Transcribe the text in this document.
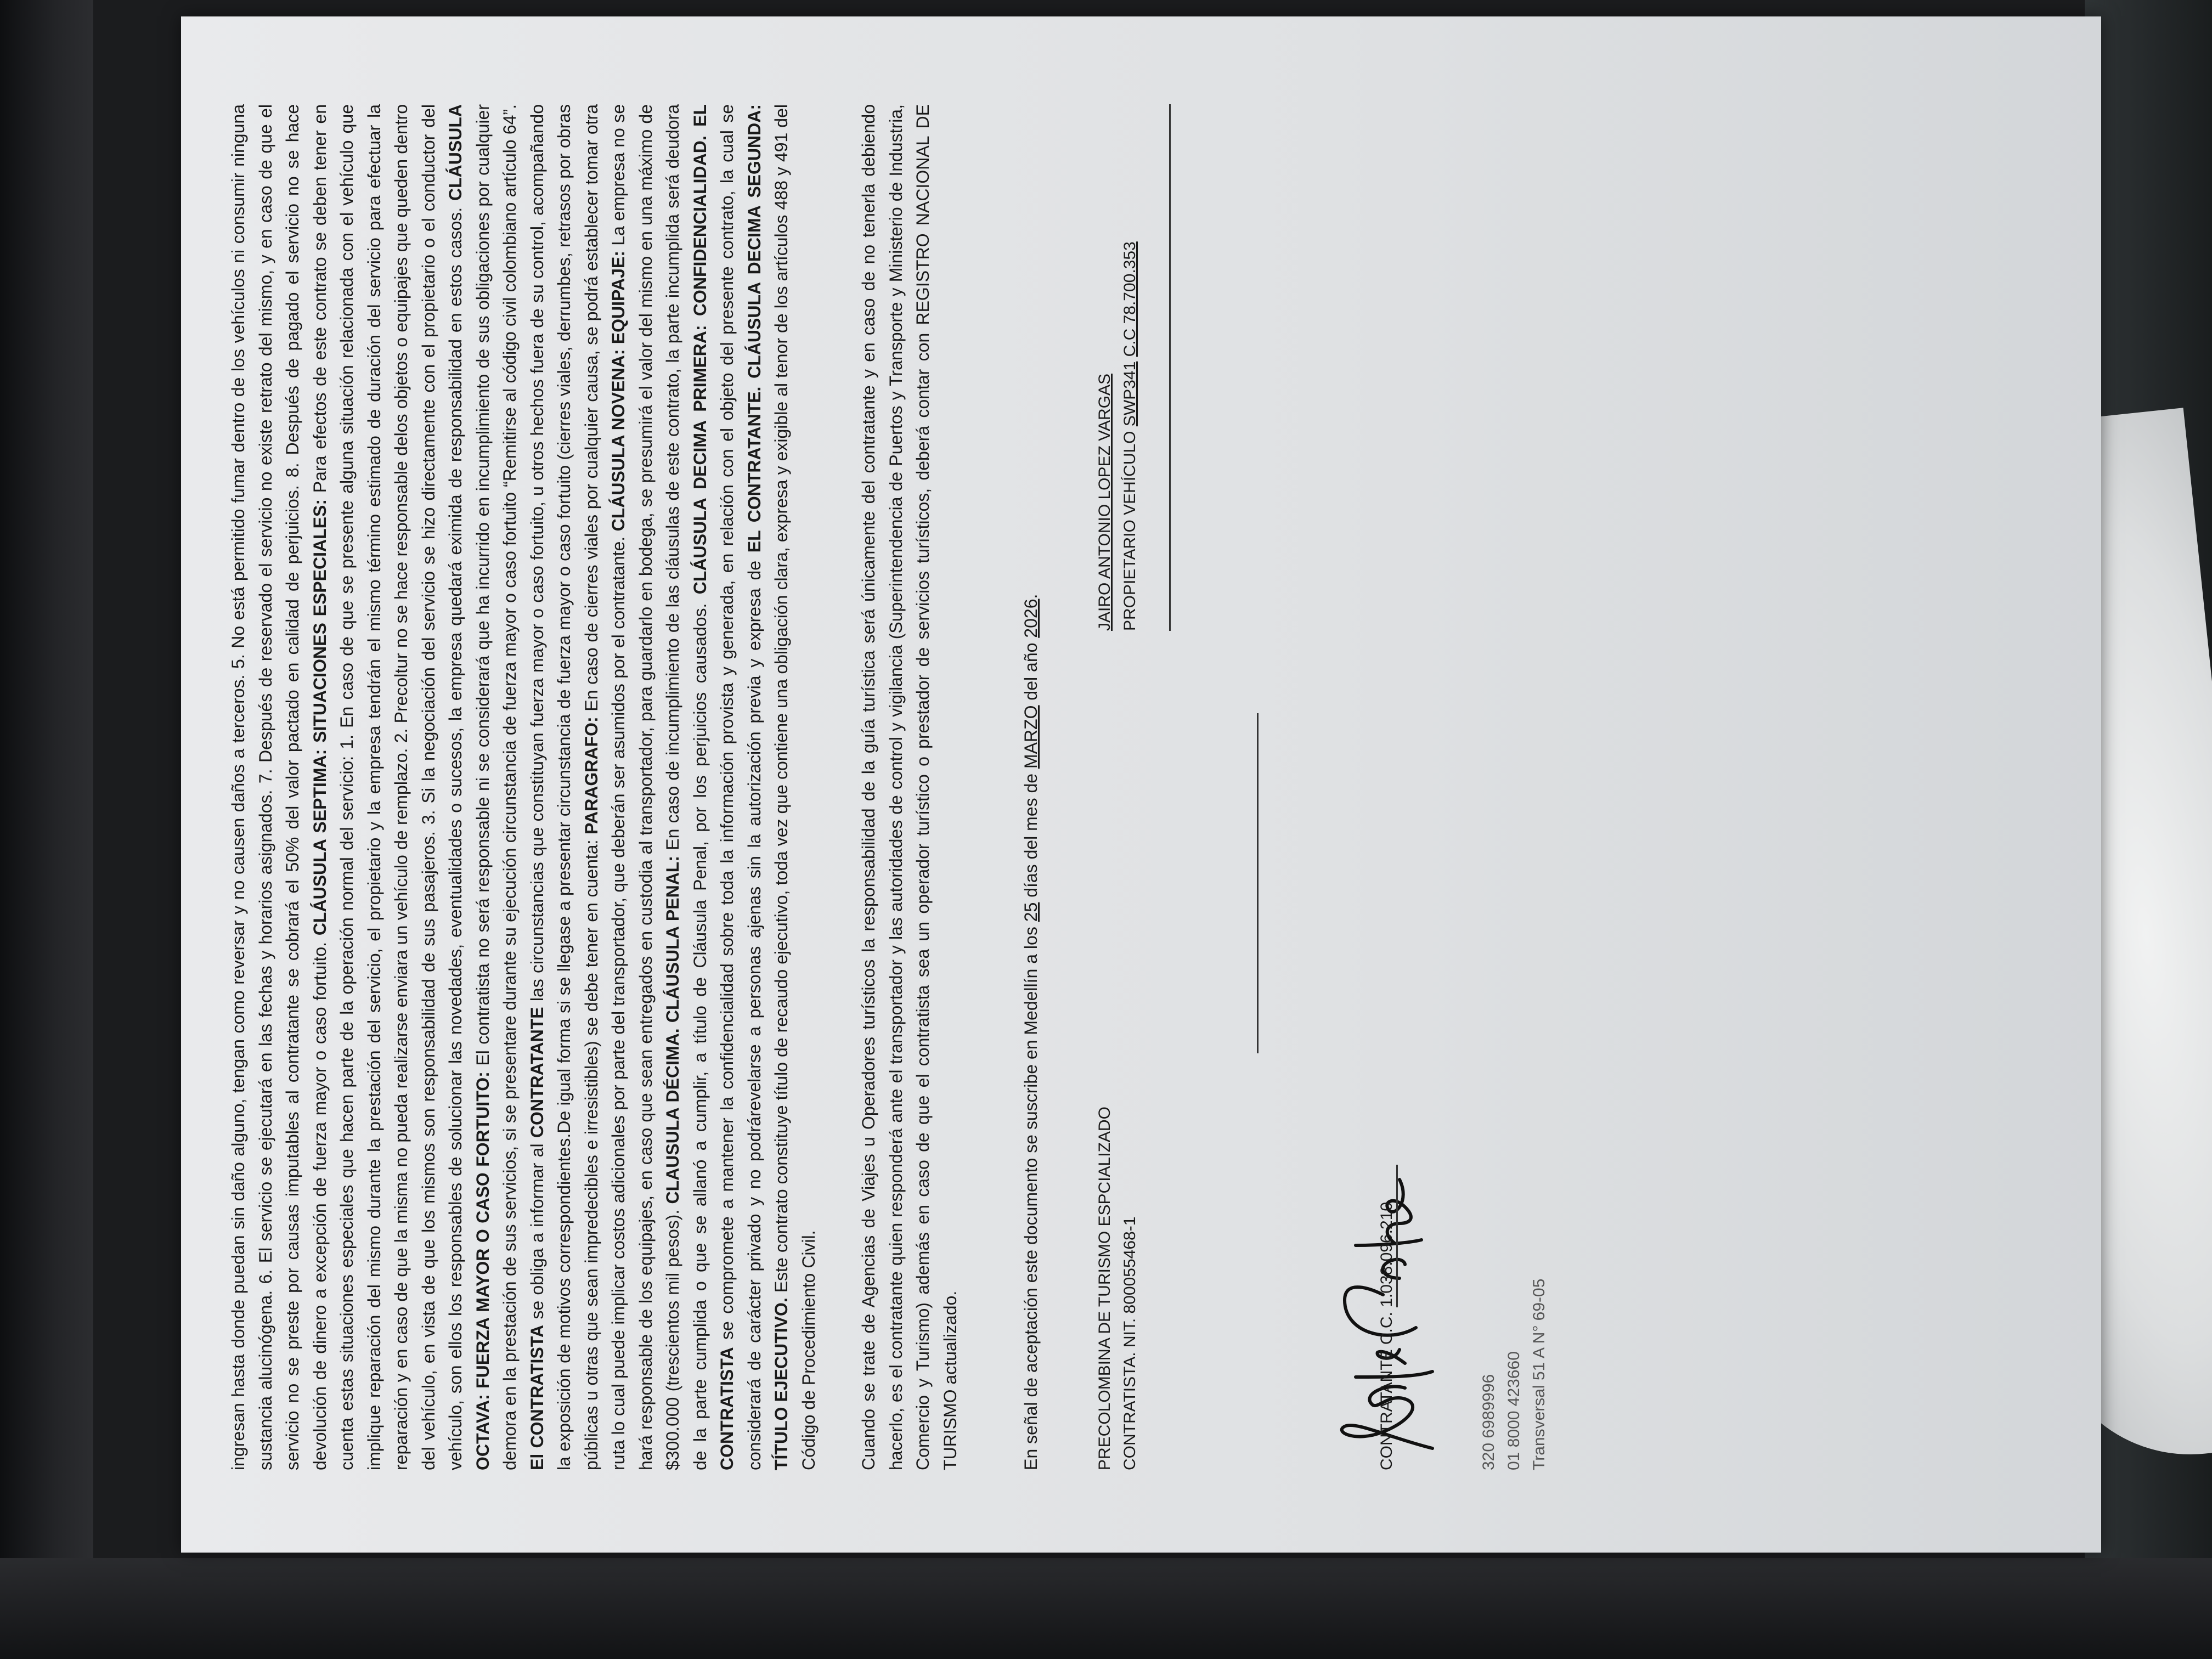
ingresan hasta donde puedan sin daño alguno, tengan como reversar y no causen daños a terceros. 5. No está permitido fumar dentro de los vehículos ni consumir ninguna sustancia alucinógena. 6. El servicio se ejecutará en las fechas y horarios asignados. 7. Después de reservado el servicio no existe retrato del mismo, y en caso de que el servicio no se preste por causas imputables al contratante se cobrará el 50% del valor pactado en calidad de perjuicios. 8. Después de pagado el servicio no se hace devolución de dinero a excepción de fuerza mayor o caso fortuito. CLÁUSULA SEPTIMA: SITUACIONES ESPECIALES: Para efectos de este contrato se deben tener en cuenta estas situaciones especiales que hacen parte de la operación normal del servicio: 1. En caso de que se presente alguna situación relacionada con el vehículo que implique reparación del mismo durante la prestación del servicio, el propietario y la empresa tendrán el mismo término estimado de duración del servicio para efectuar la reparación y en caso de que la misma no pueda realizarse enviara un vehículo de remplazo. 2. Precoltur no se hace responsable delos objetos o equipajes que queden dentro del vehículo, en vista de que los mismos son responsabilidad de sus pasajeros. 3. Si la negociación del servicio se hizo directamente con el propietario o el conductor del vehículo, son ellos los responsables de solucionar las novedades, eventualidades o sucesos, la empresa quedará eximida de responsabilidad en estos casos. CLÁUSULA OCTAVA: FUERZA MAYOR O CASO FORTUITO: El contratista no será responsable ni se considerará que ha incurrido en incumplimiento de sus obligaciones por cualquier demora en la prestación de sus servicios, si se presentare durante su ejecución circunstancia de fuerza mayor o caso fortuito “Remitirse al código civil colombiano artículo 64”. El CONTRATISTA se obliga a informar al CONTRATANTE las circunstancias que constituyan fuerza mayor o caso fortuito, u otros hechos fuera de su control, acompañando la exposición de motivos correspondientes.De igual forma si se llegase a presentar circunstancia de fuerza mayor o caso fortuito (cierres viales, derrumbes, retrasos por obras públicas u otras que sean impredecibles e irresistibles) se debe tener en cuenta: PARAGRAFO: En caso de cierres viales por cualquier causa, se podrá establecer tomar otra ruta lo cual puede implicar costos adicionales por parte del transportador, que deberán ser asumidos por el contratante. CLÁUSULA NOVENA: EQUIPAJE: La empresa no se hará responsable de los equipajes, en caso que sean entregados en custodia al transportador, para guardarlo en bodega, se presumirá el valor del mismo en una máximo de $300.000 (trescientos mil pesos). CLAUSULA DÉCIMA. CLÁUSULA PENAL: En caso de incumplimiento de las cláusulas de este contrato, la parte incumplida será deudora de la parte cumplida o que se allanó a cumplir, a título de Cláusula Penal, por los perjuicios causados. CLÁUSULA DECIMA PRIMERA: CONFIDENCIALIDAD. EL CONTRATISTA se compromete a mantener la confidencialidad sobre toda la información provista y generada, en relación con el objeto del presente contrato, la cual se considerará de carácter privado y no podrárevelarse a personas ajenas sin la autorización previa y expresa de EL CONTRATANTE. CLÁUSULA DECIMA SEGUNDA: TÍTULO EJECUTIVO. Este contrato constituye título de recaudo ejecutivo, toda vez que contiene una obligación clara, expresa y exigible al tenor de los artículos 488 y 491 del Código de Procedimiento Civil. Cuando se trate de Agencias de Viajes u Operadores turísticos la responsabilidad de la guía turística será únicamente del contratante y en caso de no tenerla debiendo hacerlo, es el contratante quien responderá ante el transportador y las autoridades de control y vigilancia (Superintendencia de Puertos y Transporte y Ministerio de Industria, Comercio y Turismo) además en caso de que el contratista sea un operador turístico o prestador de servicios turísticos, deberá contar con REGISTRO NACIONAL DE TURISMO actualizado.	En señal de aceptación este documento se suscribe en Medellín a los 25 días del mes de MARZO del año 2026.

PRECOLOMBINA DE TURISMO ESPCIALIZADO CONTRATISTA. NIT. 800055468-1
JAIRO ANTONIO LOPEZ VARGAS PROPIETARIO VEHÍCULO SWP341 C.C 78.700.353
CONTRATANTE C.C. 1.038.096.210
320 6989996 01 8000 423660 Transversal 51 A N° 69-05
